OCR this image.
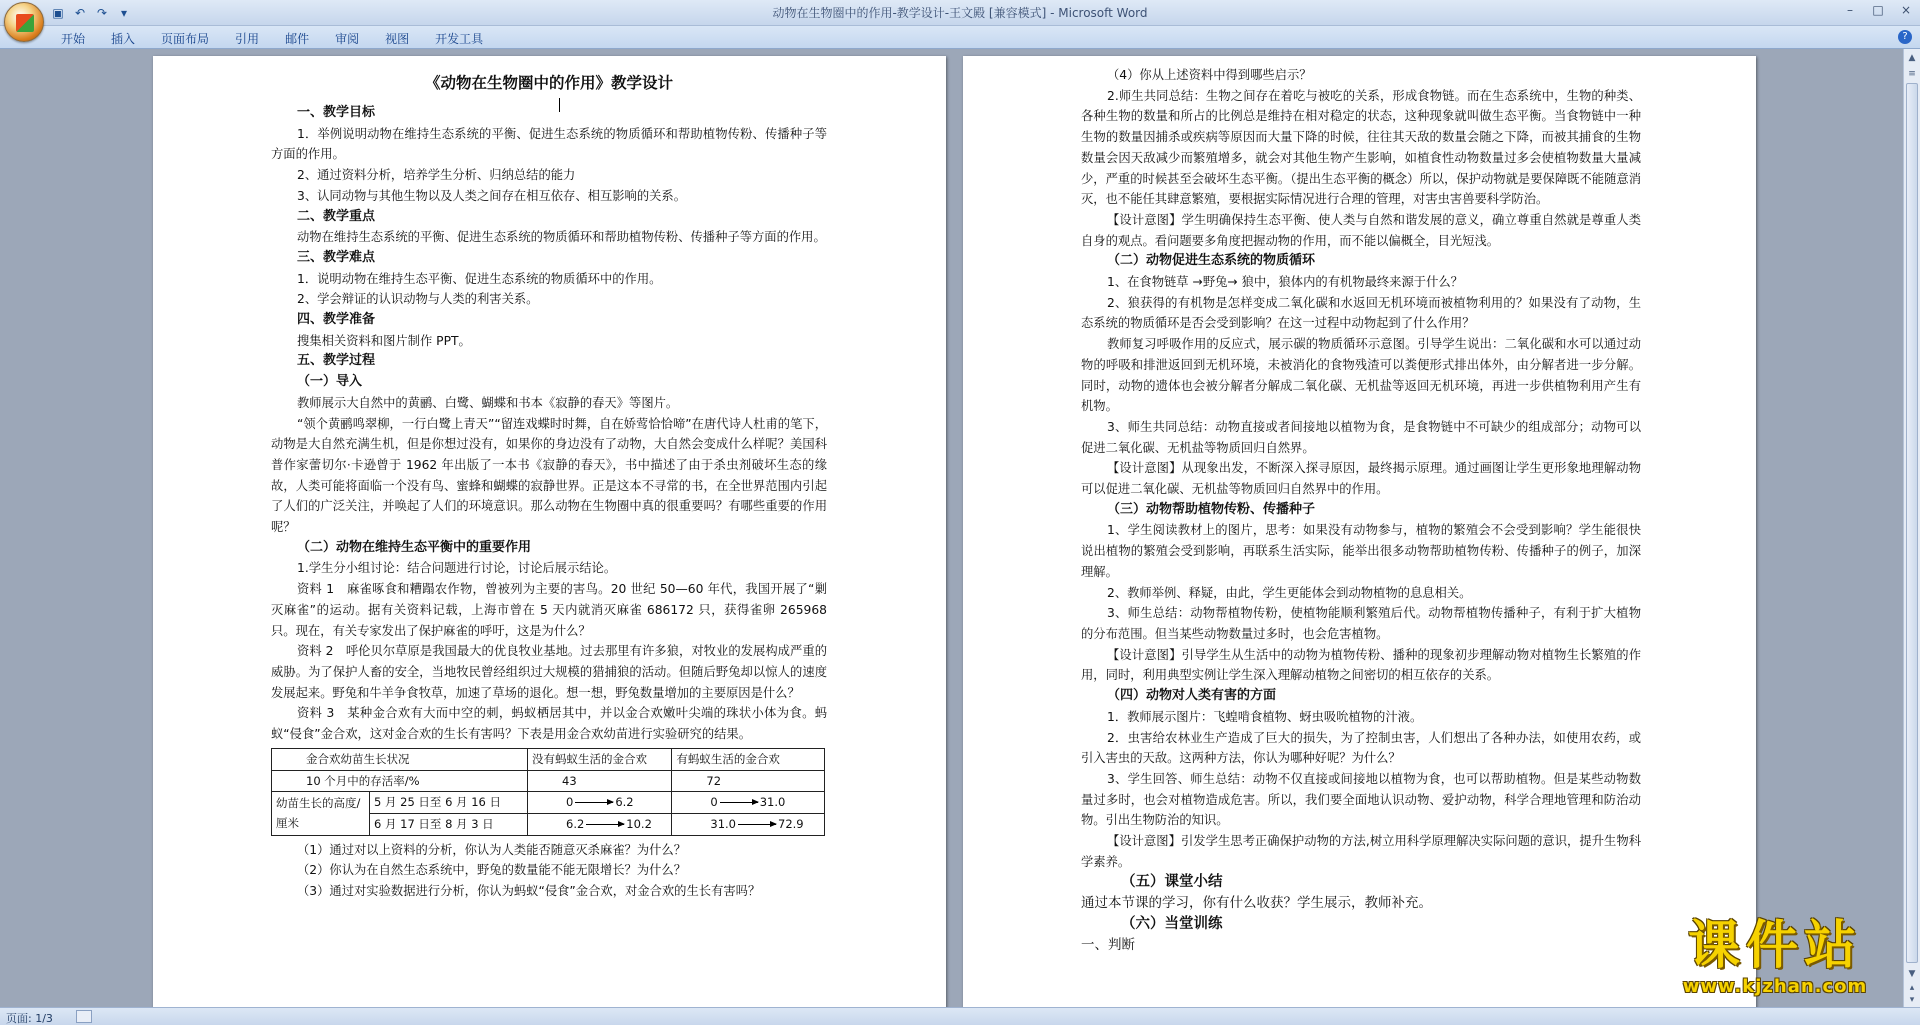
▣ ↶ ↷	▾	动物在生物圈中的作用-教学设计-王文殿 [兼容模式] - Microsoft Word	–	□	×
开始	插入	页面布局	引用	邮件	审阅	视图	开发工具	?

《动物在生物圈中的作用》教学设计

一、教学目标

1．举例说明动物在维持生态系统的平衡、促进生态系统的物质循环和帮助植物传粉、传播种子等方面的作用。

2、通过资料分析，培养学生分析、归纳总结的能力

3、认同动物与其他生物以及人类之间存在相互依存、相互影响的关系。

二、教学重点

动物在维持生态系统的平衡、促进生态系统的物质循环和帮助植物传粉、传播种子等方面的作用。

三、教学难点

1．说明动物在维持生态平衡、促进生态系统的物质循环中的作用。

2、学会辩证的认识动物与人类的利害关系。

四、教学准备

搜集相关资料和图片制作 PPT。

五、教学过程

（一）导入

教师展示大自然中的黄鹂、白鹭、蝴蝶和书本《寂静的春天》等图片。

“领个黄鹂鸣翠柳，一行白鹭上青天”“留连戏蝶时时舞，自在娇莺恰恰啼”在唐代诗人杜甫的笔下，动物是大自然充满生机，但是你想过没有，如果你的身边没有了动物，大自然会变成什么样呢？美国科普作家蕾切尔·卡逊曾于 1962 年出版了一本书《寂静的春天》，书中描述了由于杀虫剂破坏生态的缘故，人类可能将面临一个没有鸟、蜜蜂和蝴蝶的寂静世界。正是这本不寻常的书，在全世界范围内引起了人们的广泛关注，并唤起了人们的环境意识。那么动物在生物圈中真的很重要吗？有哪些重要的作用呢？

（二）动物在维持生态平衡中的重要作用

1.学生分小组讨论：结合问题进行讨论，讨论后展示结论。

资料 1　麻雀啄食和糟蹋农作物，曾被列为主要的害鸟。20 世纪 50—60 年代，我国开展了“剿灭麻雀”的运动。据有关资料记载，上海市曾在 5 天内就消灭麻雀 686172 只，获得雀卵 265968 只。现在，有关专家发出了保护麻雀的呼吁，这是为什么？

资料 2　呼伦贝尔草原是我国最大的优良牧业基地。过去那里有许多狼，对牧业的发展构成严重的威胁。为了保护人畜的安全，当地牧民曾经组织过大规模的猎捕狼的活动。但随后野兔却以惊人的速度发展起来。野兔和牛羊争食牧草，加速了草场的退化。想一想，野兔数量增加的主要原因是什么？

资料 3　某种金合欢有大而中空的刺，蚂蚁栖居其中，并以金合欢嫩叶尖端的珠状小体为食。蚂蚁“侵食”金合欢，这对金合欢的生长有害吗？下表是用金合欢幼苗进行实验研究的结果。

金合欢幼苗生长状况		没有蚂蚁生活的金合欢	有蚂蚁生活的金合欢
10 个月中的存活率/%		43	72
幼苗生长的高度/厘米	5 月 25 日至 6 月 16 日	0 6.2	0 31.0

	6 月 17 日至 8 月 3 日	6.2 10.2	31.0 72.9

（1）通过对以上资料的分析，你认为人类能否随意灭杀麻雀？为什么？

（2）你认为在自然生态系统中，野兔的数量能不能无限增长？为什么？

（3）通过对实验数据进行分析，你认为蚂蚁“侵食”金合欢，对金合欢的生长有害吗？

（4）你从上述资料中得到哪些启示？

2.师生共同总结：生物之间存在着吃与被吃的关系，形成食物链。而在生态系统中，生物的种类、各种生物的数量和所占的比例总是维持在相对稳定的状态，这种现象就叫做生态平衡。当食物链中一种生物的数量因捕杀或疾病等原因而大量下降的时候，往往其天敌的数量会随之下降，而被其捕食的生物数量会因天敌减少而繁殖增多，就会对其他生物产生影响，如植食性动物数量过多会使植物数量大量减少，严重的时候甚至会破坏生态平衡。（提出生态平衡的概念）所以，保护动物就是要保障既不能随意消灭，也不能任其肆意繁殖，要根据实际情况进行合理的管理，对害虫害兽要科学防治。

【设计意图】学生明确保持生态平衡、使人类与自然和谐发展的意义，确立尊重自然就是尊重人类自身的观点。看问题要多角度把握动物的作用，而不能以偏概全，目光短浅。

（二）动物促进生态系统的物质循环

1、在食物链草 →野兔→ 狼中，狼体内的有机物最终来源于什么？

2、狼获得的有机物是怎样变成二氧化碳和水返回无机环境而被植物利用的？如果没有了动物，生态系统的物质循环是否会受到影响？在这一过程中动物起到了什么作用？

教师复习呼吸作用的反应式，展示碳的物质循环示意图。引导学生说出：二氧化碳和水可以通过动物的呼吸和排泄返回到无机环境，未被消化的食物残渣可以粪便形式排出体外，由分解者进一步分解。同时，动物的遗体也会被分解者分解成二氧化碳、无机盐等返回无机环境，再进一步供植物利用产生有机物。

3、师生共同总结：动物直接或者间接地以植物为食，是食物链中不可缺少的组成部分；动物可以促进二氧化碳、无机盐等物质回归自然界。

【设计意图】从现象出发，不断深入探寻原因，最终揭示原理。通过画图让学生更形象地理解动物可以促进二氧化碳、无机盐等物质回归自然界中的作用。

（三）动物帮助植物传粉、传播种子

1、学生阅读教材上的图片，思考：如果没有动物参与，植物的繁殖会不会受到影响？学生能很快说出植物的繁殖会受到影响，再联系生活实际，能举出很多动物帮助植物传粉、传播种子的例子，加深理解。

2、教师举例、释疑，由此，学生更能体会到动物植物的息息相关。

3、师生总结：动物帮植物传粉，使植物能顺利繁殖后代。动物帮植物传播种子，有利于扩大植物的分布范围。但当某些动物数量过多时，也会危害植物。

【设计意图】引导学生从生活中的动物为植物传粉、播种的现象初步理解动物对植物生长繁殖的作用，同时，利用典型实例让学生深入理解动植物之间密切的相互依存的关系。

（四）动物对人类有害的方面

1．教师展示图片：飞蝗啃食植物、蚜虫吸吮植物的汁液。

2．虫害给农林业生产造成了巨大的损失，为了控制虫害，人们想出了各种办法，如使用农药，或引入害虫的天敌。这两种方法，你认为哪种好呢？为什么？

3、学生回答、师生总结：动物不仅直接或间接地以植物为食，也可以帮助植物。但是某些动物数量过多时，也会对植物造成危害。所以，我们要全面地认识动物、爱护动物，科学合理地管理和防治动物。引出生物防治的知识。

【设计意图】引发学生思考正确保护动物的方法,树立用科学原理解决实际问题的意识，提升生物科学素养。

（五）课堂小结

通过本节课的学习，你有什么收获？学生展示，教师补充。

（六）当堂训练

一、判断

▲
≡
▼
▴
▾
页面: 1/3
课件站
www.kjzhan.com
